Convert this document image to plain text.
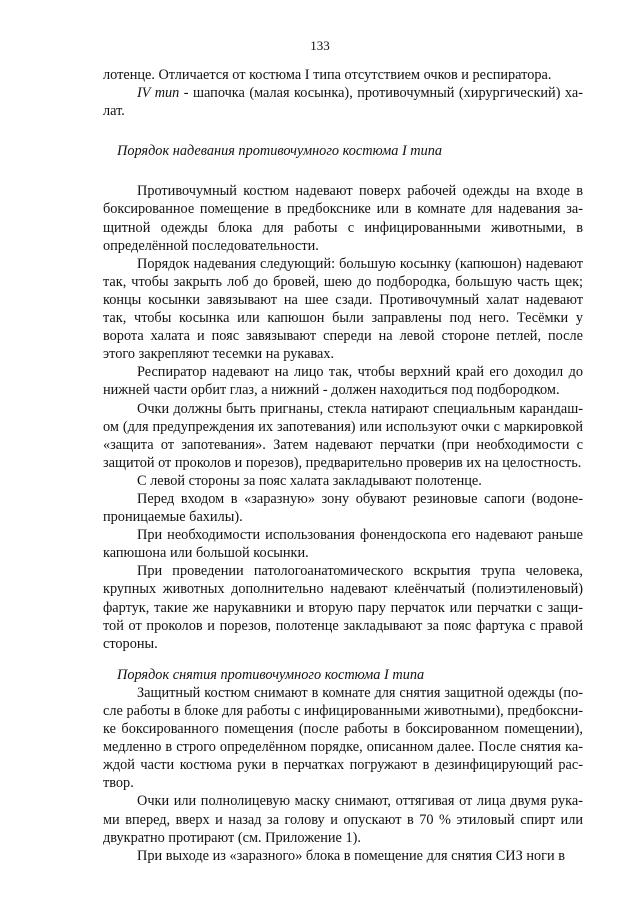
133

лотенце. Отличается от костюма I типа отсутствием очков и респиратора.

IV тип - шапочка (малая косынка), противочумный (хирургический) халат.

Порядок надевания противочумного костюма I типа

Противочумный костюм надевают поверх рабочей одежды на входе в боксированное помещение в предбокснике или в комнате для надевания защитной одежды блока для работы с инфицированными животными, в определённой последовательности.

Порядок надевания следующий: большую косынку (капюшон) надевают так, чтобы закрыть лоб до бровей, шею до подбородка, большую часть щек; концы косынки завязывают на шее сзади. Противочумный халат надевают так, чтобы косынка или капюшон были заправлены под него. Тесёмки у ворота халата и пояс завязывают спереди на левой стороне петлей, после этого закрепляют тесемки на рукавах.

Респиратор надевают на лицо так, чтобы верхний край его доходил до нижней части орбит глаз, а нижний - должен находиться под подбородком.

Очки должны быть пригнаны, стекла натирают специальным карандашом (для предупреждения их запотевания) или используют очки с маркировкой «защита от запотевания». Затем надевают перчатки (при необходимости с защитой от проколов и порезов), предварительно проверив их на целостность.

С левой стороны за пояс халата закладывают полотенце.

Перед входом в «заразную» зону обувают резиновые сапоги (водонепроницаемые бахилы).

При необходимости использования фонендоскопа его надевают раньше капюшона или большой косынки.

При проведении патологоанатомического вскрытия трупа человека, крупных животных дополнительно надевают клеёнчатый (полиэтиленовый) фартук, такие же нарукавники и вторую пару перчаток или перчатки с защитой от проколов и порезов, полотенце закладывают за пояс фартука с правой стороны.

Порядок снятия противочумного костюма I типа

Защитный костюм снимают в комнате для снятия защитной одежды (после работы в блоке для работы с инфицированными животными), предбокснике боксированного помещения (после работы в боксированном помещении), медленно в строго определённом порядке, описанном далее. После снятия каждой части костюма руки в перчатках погружают в дезинфицирующий раствор.

Очки или полнолицевую маску снимают, оттягивая от лица двумя руками вперед, вверх и назад за голову и опускают в 70 % этиловый спирт или двукратно протирают (см. Приложение 1).

При выходе из «заразного» блока в помещение для снятия СИЗ ноги в
